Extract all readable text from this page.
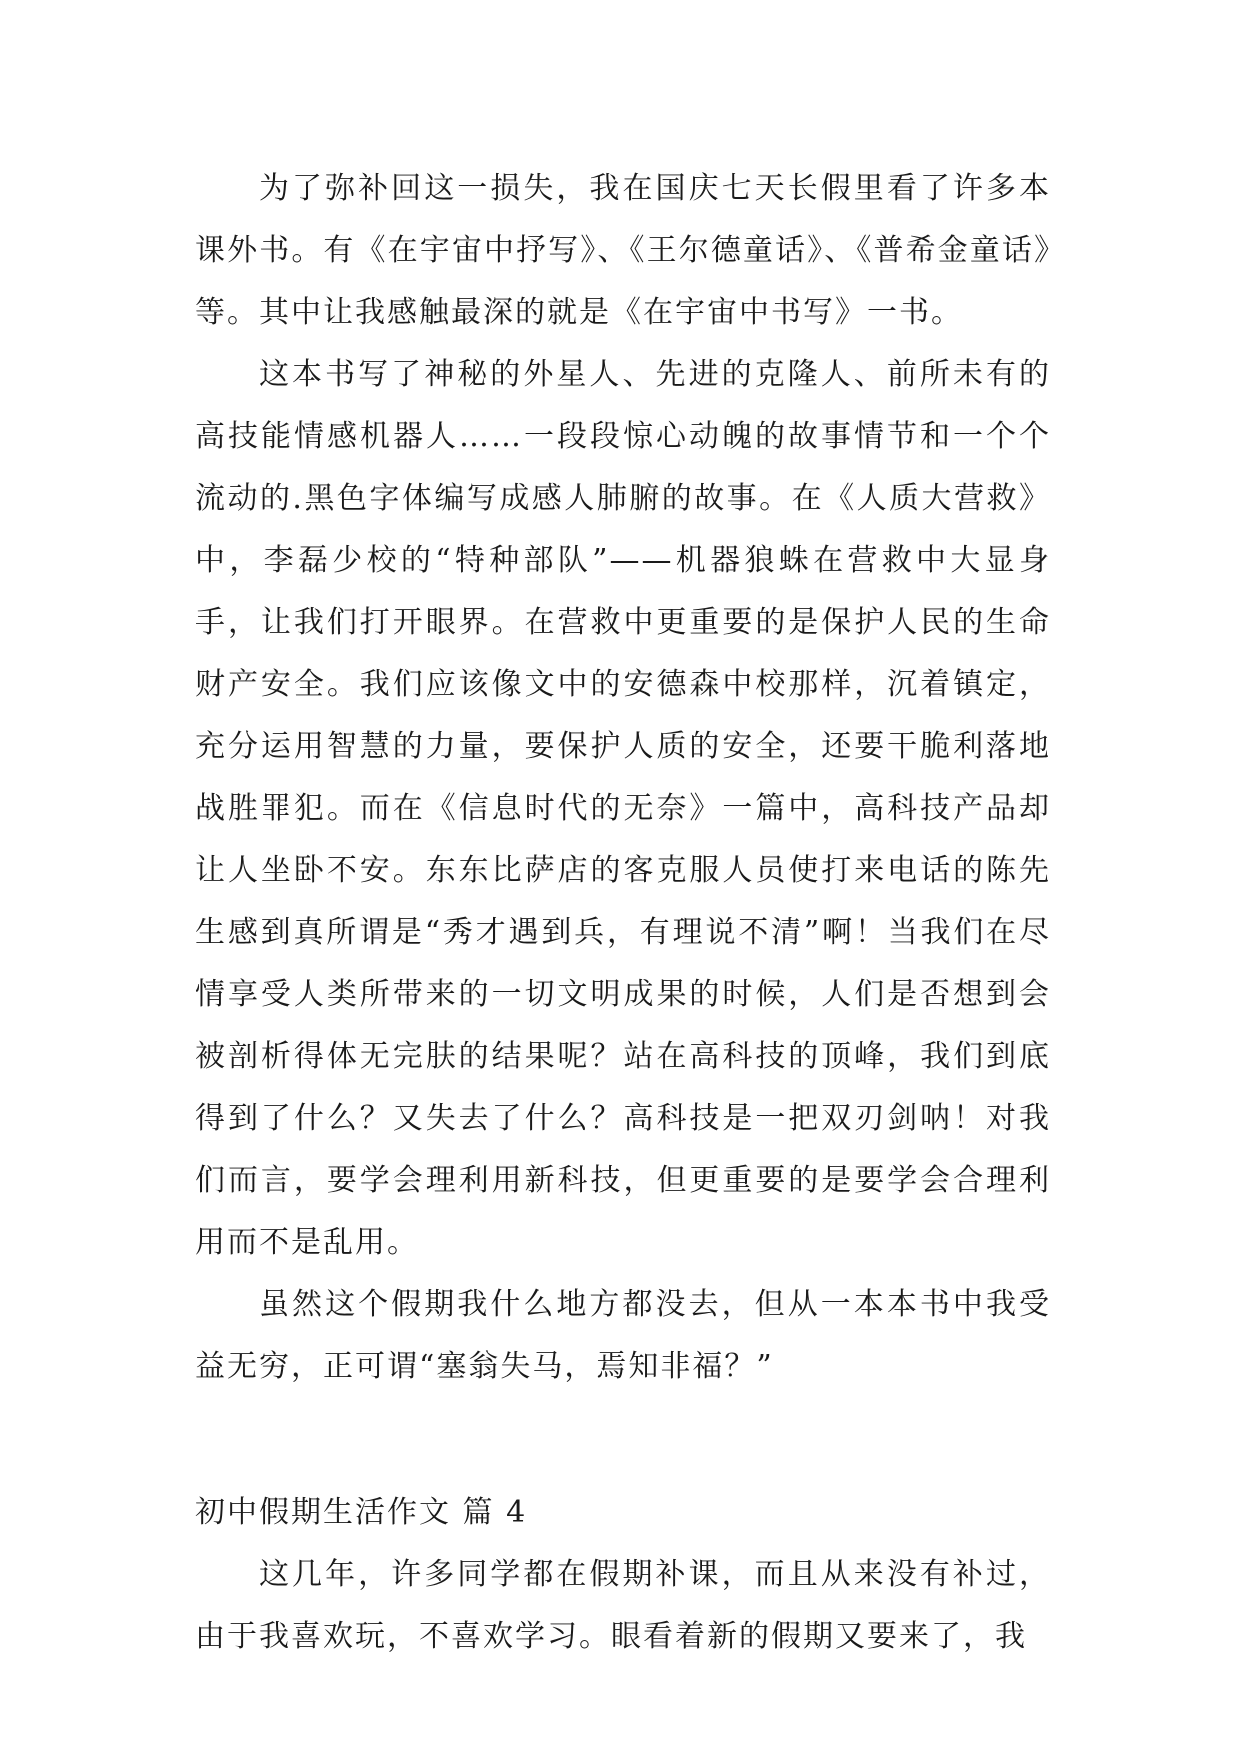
为了弥补回这一损失，我在国庆七天长假里看了许多本课外书。有《在宇宙中抒写》、《王尔德童话》、《普希金童话》等。其中让我感触最深的就是《在宇宙中书写》一书。

这本书写了神秘的外星人、先进的克隆人、前所未有的高技能情感机器人……一段段惊心动魄的故事情节和一个个流动的.黑色字体编写成感人肺腑的故事。在《人质大营救》中，李磊少校的“特种部队”——机器狼蛛在营救中大显身手，让我们打开眼界。在营救中更重要的是保护人民的生命财产安全。我们应该像文中的安德森中校那样，沉着镇定，充分运用智慧的力量，要保护人质的安全，还要干脆利落地战胜罪犯。而在《信息时代的无奈》一篇中，高科技产品却让人坐卧不安。东东比萨店的客克服人员使打来电话的陈先生感到真所谓是“秀才遇到兵，有理说不清”啊！当我们在尽情享受人类所带来的一切文明成果的时候，人们是否想到会被剖析得体无完肤的结果呢？站在高科技的顶峰，我们到底得到了什么？又失去了什么？高科技是一把双刃剑呐！对我们而言，要学会理利用新科技，但更重要的是要学会合理利用而不是乱用。

虽然这个假期我什么地方都没去，但从一本本书中我受益无穷，正可谓“塞翁失马，焉知非福？”

初中假期生活作文 篇 4

这几年，许多同学都在假期补课，而且从来没有补过，由于我喜欢玩，不喜欢学习。眼看着新的假期又要来了，我
